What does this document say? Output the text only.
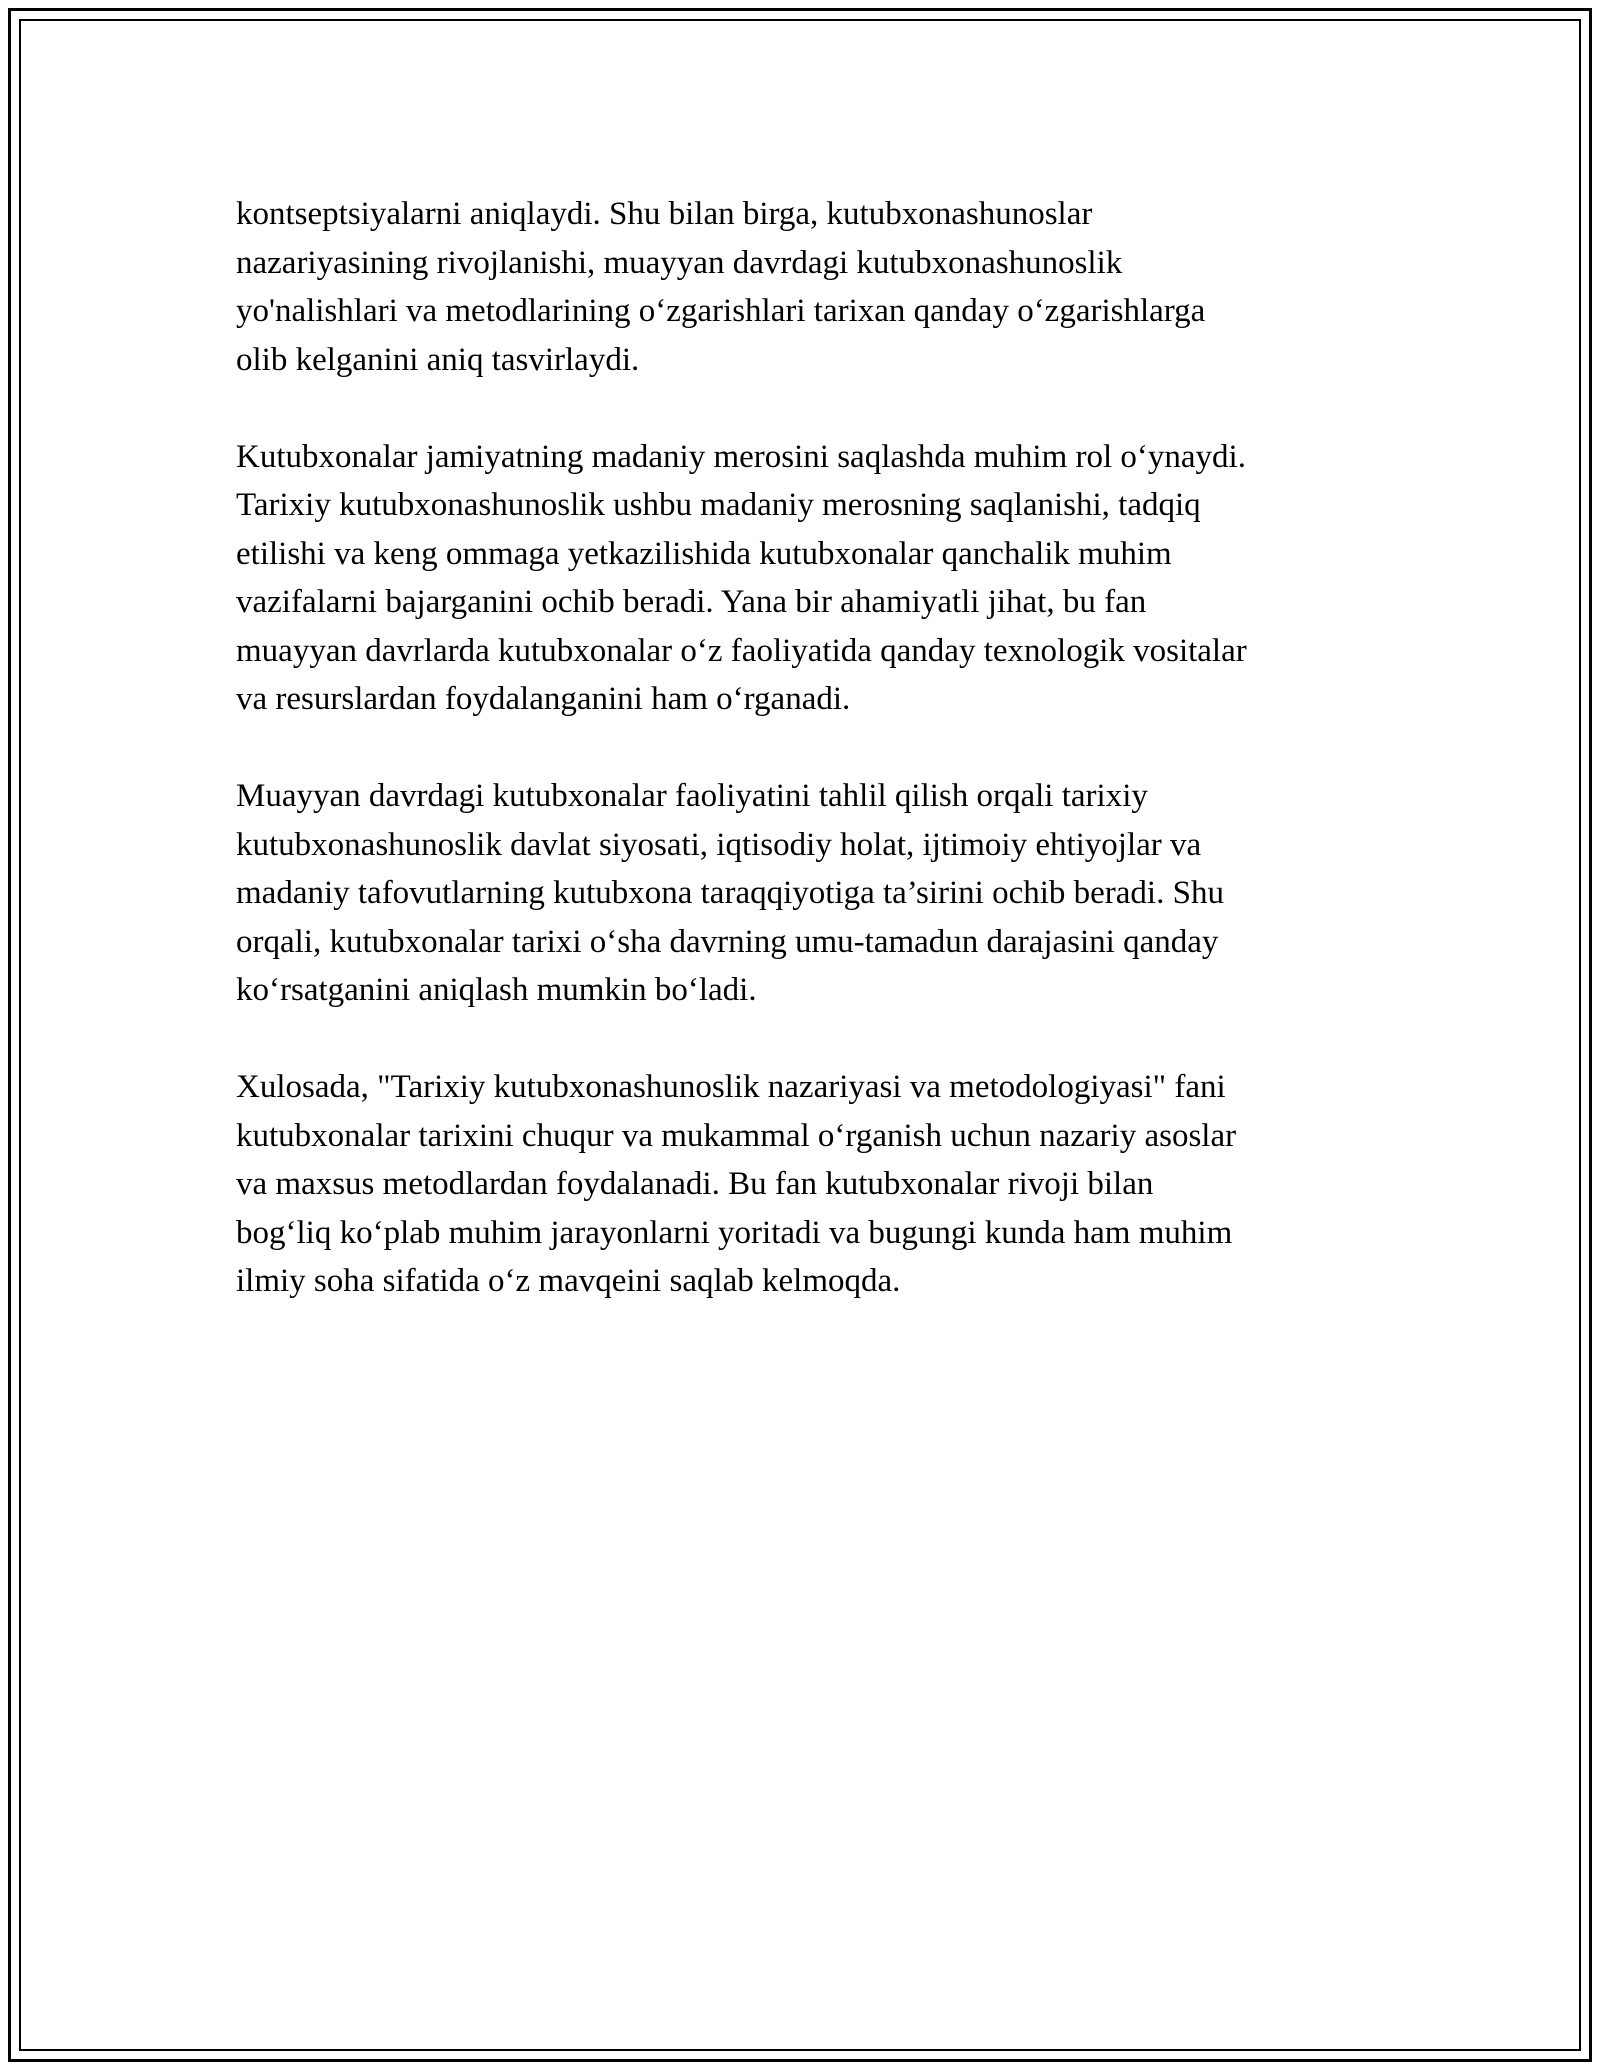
kontseptsiyalarni aniqlaydi. Shu bilan birga, kutubxonashunoslar
nazariyasining rivojlanishi, muayyan davrdagi kutubxonashunoslik
yo'nalishlari va metodlarining o‘zgarishlari tarixan qanday o‘zgarishlarga
olib kelganini aniq tasvirlaydi.

Kutubxonalar jamiyatning madaniy merosini saqlashda muhim rol o‘ynaydi.
Tarixiy kutubxonashunoslik ushbu madaniy merosning saqlanishi, tadqiq
etilishi va keng ommaga yetkazilishida kutubxonalar qanchalik muhim
vazifalarni bajarganini ochib beradi. Yana bir ahamiyatli jihat, bu fan
muayyan davrlarda kutubxonalar o‘z faoliyatida qanday texnologik vositalar
va resurslardan foydalanganini ham o‘rganadi.

Muayyan davrdagi kutubxonalar faoliyatini tahlil qilish orqali tarixiy
kutubxonashunoslik davlat siyosati, iqtisodiy holat, ijtimoiy ehtiyojlar va
madaniy tafovutlarning kutubxona taraqqiyotiga ta’sirini ochib beradi. Shu
orqali, kutubxonalar tarixi o‘sha davrning umu-tamadun darajasini qanday
ko‘rsatganini aniqlash mumkin bo‘ladi.

Xulosada, "Tarixiy kutubxonashunoslik nazariyasi va metodologiyasi" fani
kutubxonalar tarixini chuqur va mukammal o‘rganish uchun nazariy asoslar
va maxsus metodlardan foydalanadi. Bu fan kutubxonalar rivoji bilan
bog‘liq ko‘plab muhim jarayonlarni yoritadi va bugungi kunda ham muhim
ilmiy soha sifatida o‘z mavqeini saqlab kelmoqda.
